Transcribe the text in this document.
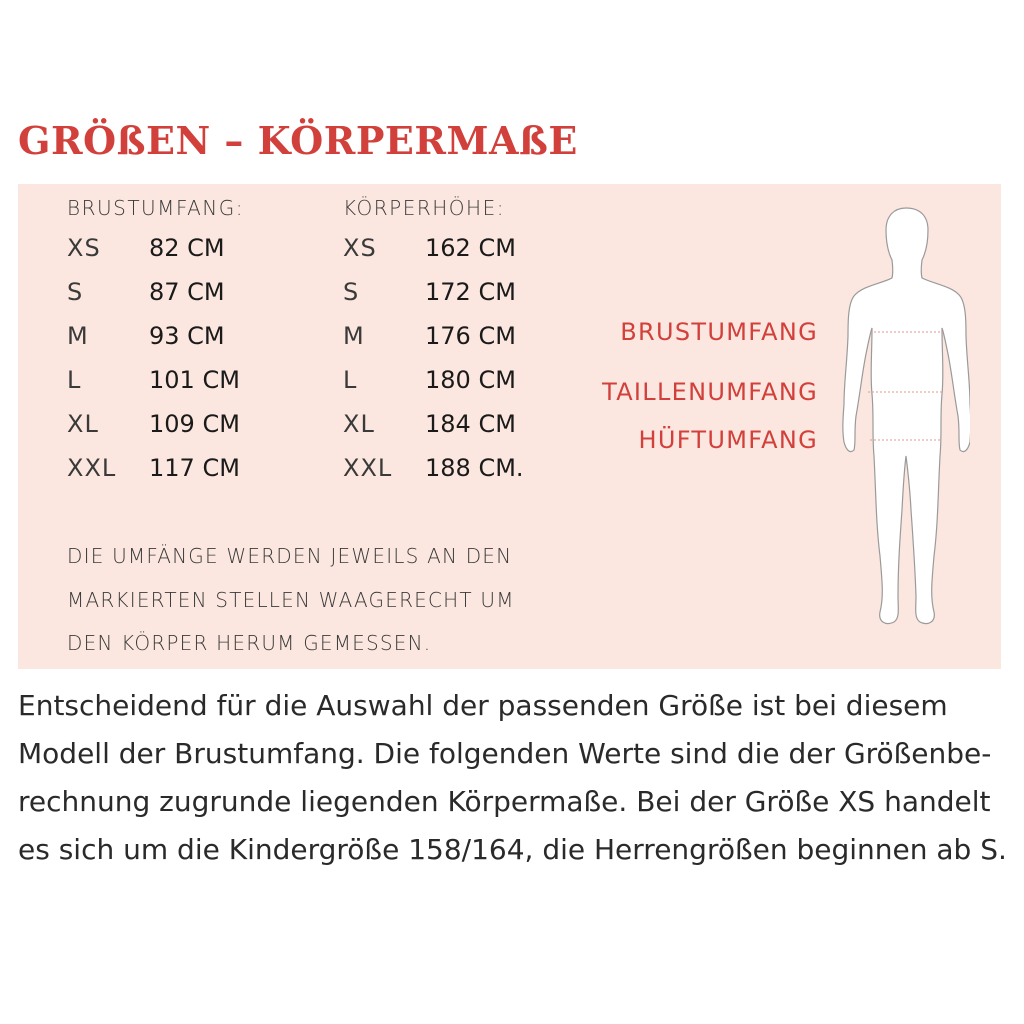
GRÖßEN – KÖRPERMAßE
BRUSTUMFANG:
XS 82 CM
S	87 CM
M	93 CM
L	101 CM
XL 109 CM
XXL 117 CM
KÖRPERHÖHE:
XS 162 CM
S	172 CM
M	176 CM
L	180 CM
XL 184 CM
XXL 188 CM.
BRUSTUMFANG
TAILLENUMFANG
HÜFTUMFANG
DIE UMFÄNGE WERDEN JEWEILS AN DEN
MARKIERTEN STELLEN WAAGERECHT UM
DEN KÖRPER HERUM GEMESSEN.
Entscheidend für die Auswahl der passenden Größe ist bei diesem
Modell der Brustumfang. Die folgenden Werte sind die der Größenbe-
rechnung zugrunde liegenden Körpermaße. Bei der Größe XS handelt
es sich um die Kindergröße 158/164, die Herrengrößen beginnen ab S.
